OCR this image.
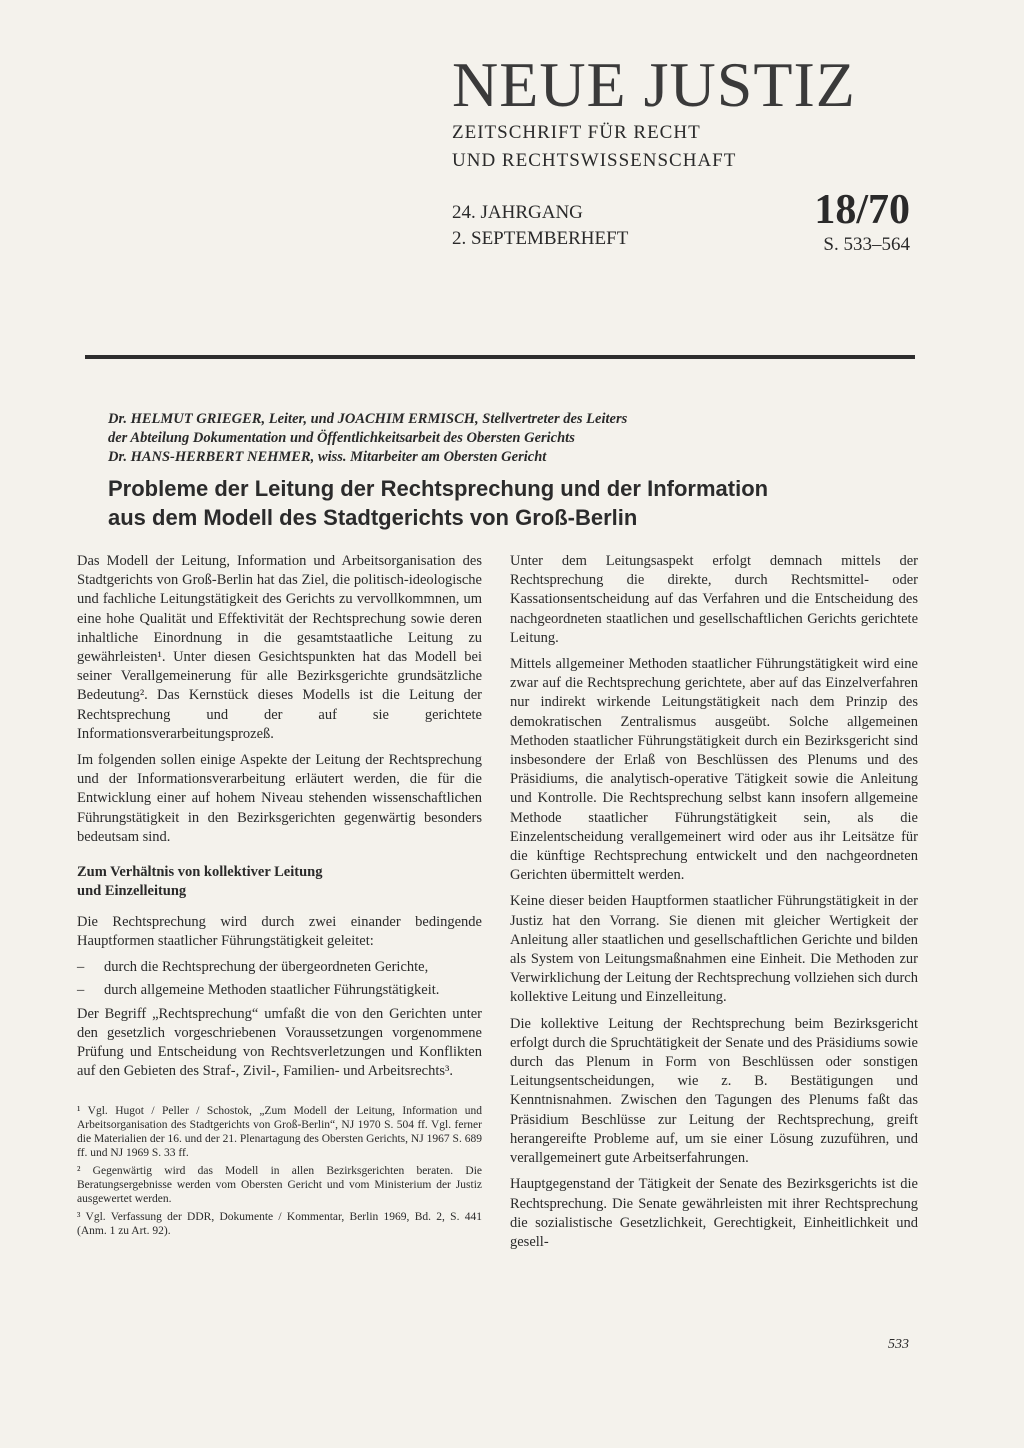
NEUE JUSTIZ
ZEITSCHRIFT FÜR RECHT
UND RECHTSWISSENSCHAFT
24. JAHRGANG
2. SEPTEMBERHEFT
18/70
S. 533–564
Dr. HELMUT GRIEGER, Leiter, und JOACHIM ERMISCH, Stellvertreter des Leiters
der Abteilung Dokumentation und Öffentlichkeitsarbeit des Obersten Gerichts
Dr. HANS-HERBERT NEHMER, wiss. Mitarbeiter am Obersten Gericht
Probleme der Leitung der Rechtsprechung und der Information
aus dem Modell des Stadtgerichts von Groß-Berlin

Das Modell der Leitung, Information und Arbeitsorganisation des Stadtgerichts von Groß-Berlin hat das Ziel, die politisch-ideologische und fachliche Leitungstätigkeit des Gerichts zu vervollkommnen, um eine hohe Qualität und Effektivität der Rechtsprechung sowie deren inhaltliche Einordnung in die gesamtstaatliche Leitung zu gewährleisten¹. Unter diesen Gesichtspunkten hat das Modell bei seiner Verallgemeinerung für alle Bezirksgerichte grundsätzliche Bedeutung². Das Kernstück dieses Modells ist die Leitung der Rechtsprechung und der auf sie gerichtete Informationsverarbeitungsprozeß.

Im folgenden sollen einige Aspekte der Leitung der Rechtsprechung und der Informationsverarbeitung erläutert werden, die für die Entwicklung einer auf hohem Niveau stehenden wissenschaftlichen Führungstätigkeit in den Bezirksgerichten gegenwärtig besonders bedeutsam sind.

Zum Verhältnis von kollektiver Leitung
und Einzelleitung

Die Rechtsprechung wird durch zwei einander bedingende Hauptformen staatlicher Führungstätigkeit geleitet:

– durch die Rechtsprechung der übergeordneten Gerichte,
– durch allgemeine Methoden staatlicher Führungstätigkeit.

Der Begriff „Rechtsprechung“ umfaßt die von den Gerichten unter den gesetzlich vorgeschriebenen Voraussetzungen vorgenommene Prüfung und Entscheidung von Rechtsverletzungen und Konflikten auf den Gebieten des Straf-, Zivil-, Familien- und Arbeitsrechts³.

¹ Vgl. Hugot / Peller / Schostok, „Zum Modell der Leitung, Information und Arbeitsorganisation des Stadtgerichts von Groß-Berlin“, NJ 1970 S. 504 ff. Vgl. ferner die Materialien der 16. und der 21. Plenartagung des Obersten Gerichts, NJ 1967 S. 689 ff. und NJ 1969 S. 33 ff.

² Gegenwärtig wird das Modell in allen Bezirksgerichten beraten. Die Beratungsergebnisse werden vom Obersten Gericht und vom Ministerium der Justiz ausgewertet werden.

³ Vgl. Verfassung der DDR, Dokumente / Kommentar, Berlin 1969, Bd. 2, S. 441 (Anm. 1 zu Art. 92).

Unter dem Leitungsaspekt erfolgt demnach mittels der Rechtsprechung die direkte, durch Rechtsmittel- oder Kassationsentscheidung auf das Verfahren und die Entscheidung des nachgeordneten staatlichen und gesellschaftlichen Gerichts gerichtete Leitung.

Mittels allgemeiner Methoden staatlicher Führungstätigkeit wird eine zwar auf die Rechtsprechung gerichtete, aber auf das Einzelverfahren nur indirekt wirkende Leitungstätigkeit nach dem Prinzip des demokratischen Zentralismus ausgeübt. Solche allgemeinen Methoden staatlicher Führungstätigkeit durch ein Bezirksgericht sind insbesondere der Erlaß von Beschlüssen des Plenums und des Präsidiums, die analytisch-operative Tätigkeit sowie die Anleitung und Kontrolle. Die Rechtsprechung selbst kann insofern allgemeine Methode staatlicher Führungstätigkeit sein, als die Einzelentscheidung verallgemeinert wird oder aus ihr Leitsätze für die künftige Rechtsprechung entwickelt und den nachgeordneten Gerichten übermittelt werden.

Keine dieser beiden Hauptformen staatlicher Führungstätigkeit in der Justiz hat den Vorrang. Sie dienen mit gleicher Wertigkeit der Anleitung aller staatlichen und gesellschaftlichen Gerichte und bilden als System von Leitungsmaßnahmen eine Einheit. Die Methoden zur Verwirklichung der Leitung der Rechtsprechung vollziehen sich durch kollektive Leitung und Einzelleitung.

Die kollektive Leitung der Rechtsprechung beim Bezirksgericht erfolgt durch die Spruchtätigkeit der Senate und des Präsidiums sowie durch das Plenum in Form von Beschlüssen oder sonstigen Leitungsentscheidungen, wie z. B. Bestätigungen und Kenntnisnahmen. Zwischen den Tagungen des Plenums faßt das Präsidium Beschlüsse zur Leitung der Rechtsprechung, greift herangereifte Probleme auf, um sie einer Lösung zuzuführen, und verallgemeinert gute Arbeitserfahrungen.

Hauptgegenstand der Tätigkeit der Senate des Bezirksgerichts ist die Rechtsprechung. Die Senate gewährleisten mit ihrer Rechtsprechung die sozialistische Gesetzlichkeit, Gerechtigkeit, Einheitlichkeit und gesell-

533
